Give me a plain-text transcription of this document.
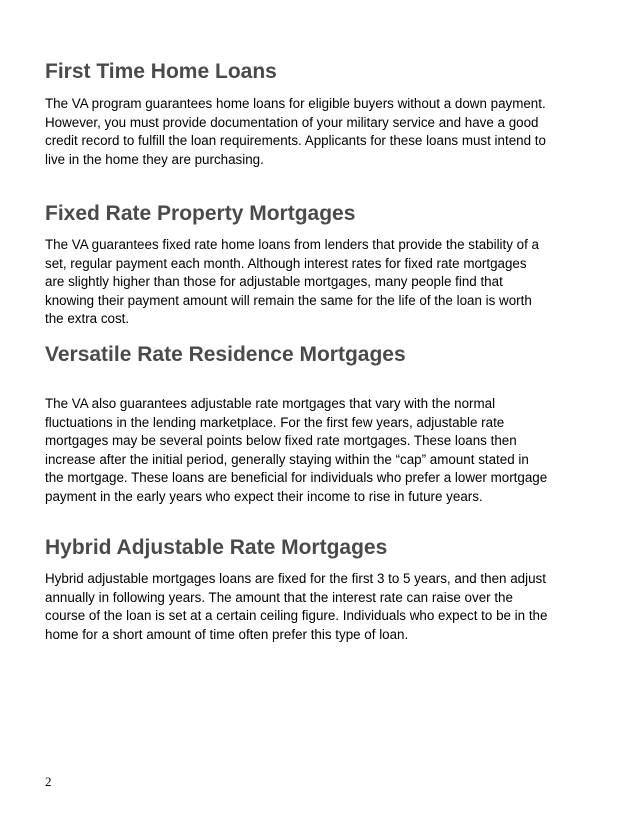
First Time Home Loans

The VA program guarantees home loans for eligible buyers without a down payment.
However, you must provide documentation of your military service and have a good
credit record to fulfill the loan requirements. Applicants for these loans must intend to
live in the home they are purchasing.

Fixed Rate Property Mortgages

The VA guarantees fixed rate home loans from lenders that provide the stability of a
set, regular payment each month. Although interest rates for fixed rate mortgages
are slightly higher than those for adjustable mortgages, many people find that
knowing their payment amount will remain the same for the life of the loan is worth
the extra cost.

Versatile Rate Residence Mortgages

The VA also guarantees adjustable rate mortgages that vary with the normal
fluctuations in the lending marketplace. For the first few years, adjustable rate
mortgages may be several points below fixed rate mortgages. These loans then
increase after the initial period, generally staying within the “cap” amount stated in
the mortgage. These loans are beneficial for individuals who prefer a lower mortgage
payment in the early years who expect their income to rise in future years.

Hybrid Adjustable Rate Mortgages

Hybrid adjustable mortgages loans are fixed for the first 3 to 5 years, and then adjust
annually in following years. The amount that the interest rate can raise over the
course of the loan is set at a certain ceiling figure. Individuals who expect to be in the
home for a short amount of time often prefer this type of loan.

2
